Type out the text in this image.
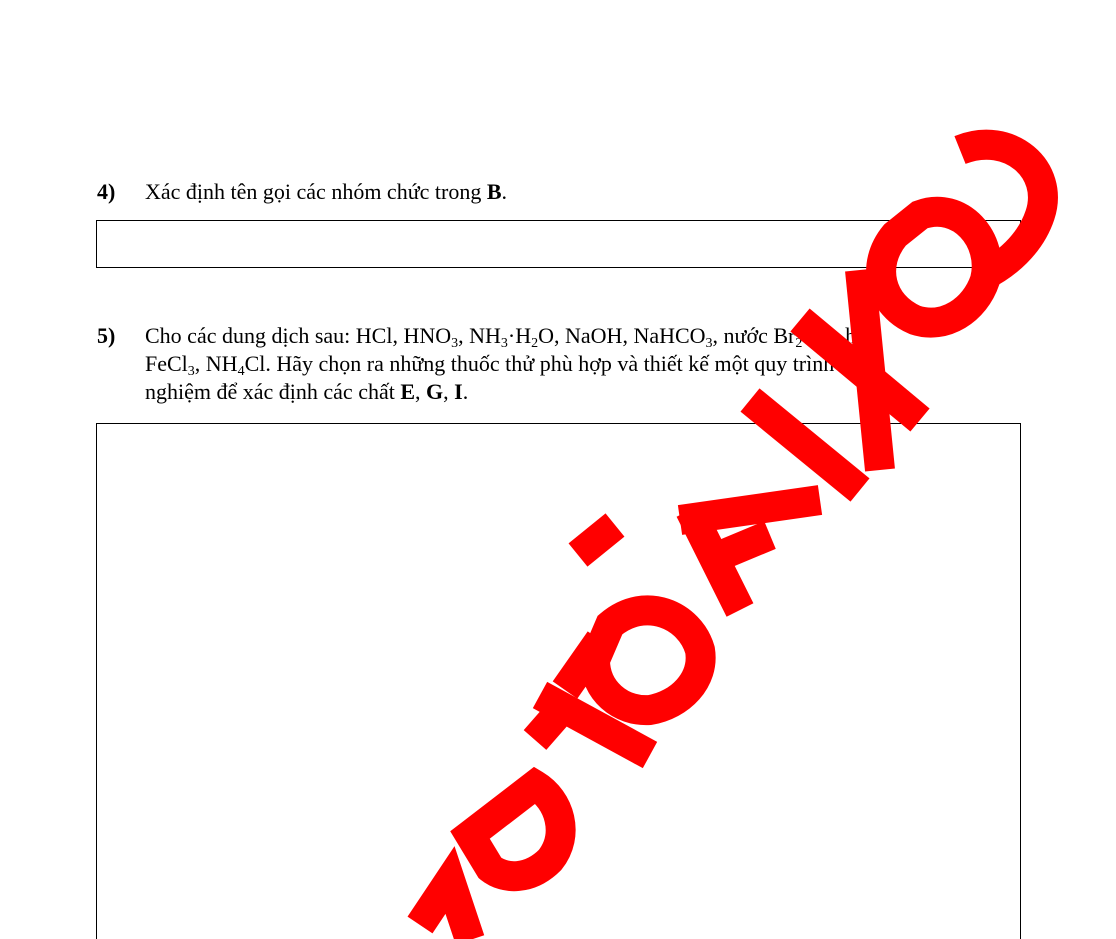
4) Xác định tên gọi các nhóm chức trong B.
5) Cho các dung dịch sau: HCl, $HNO_3$, $NH_3\cdot H_2O$, NaOH, NaHCO$_3$, nước $Br_2$ bão hòa,
FeCl$_3$, $NH_4Cl$. Hãy chọn ra những thuốc thử phù hợp và thiết kế một quy trình thực
nghiệm để xác định các chất E, G, I.
